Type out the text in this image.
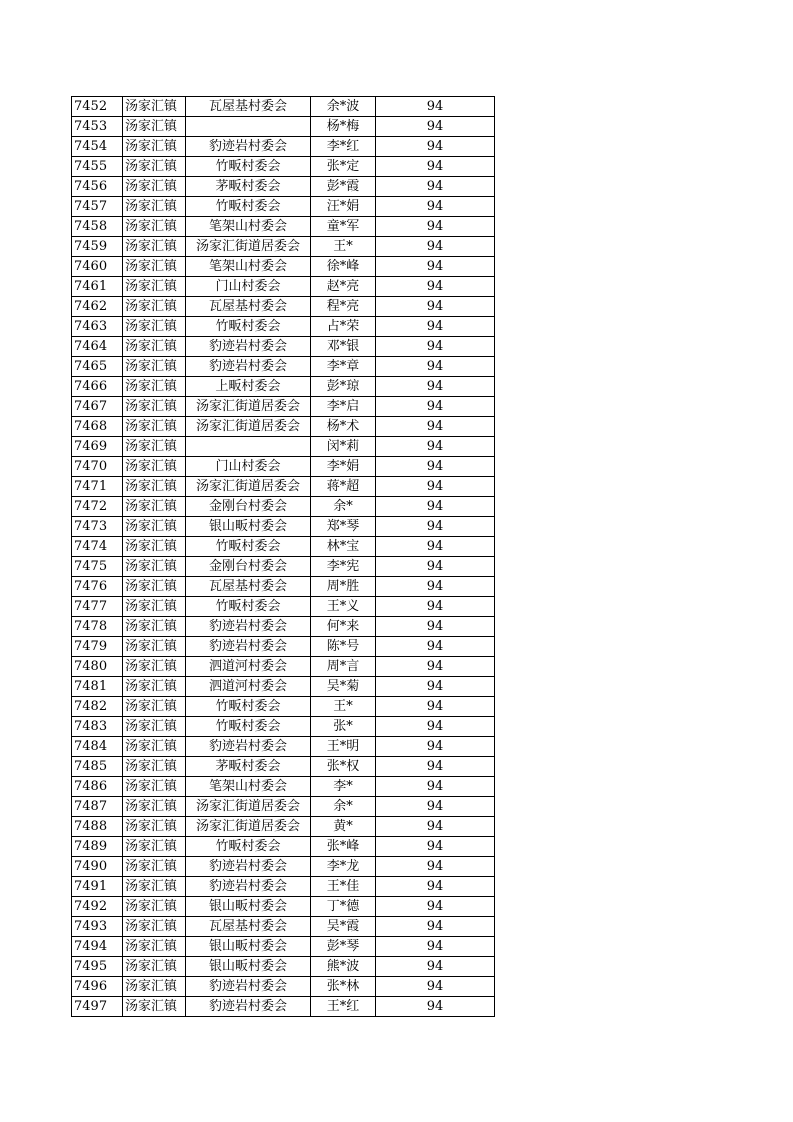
7452	汤家汇镇	瓦屋基村委会	余*波	94
7453	汤家汇镇		杨*梅	94
7454	汤家汇镇	豹迹岩村委会	李*红	94
7455	汤家汇镇	竹畈村委会	张*定	94
7456	汤家汇镇	茅畈村委会	彭*霞	94
7457	汤家汇镇	竹畈村委会	汪*娟	94
7458	汤家汇镇	笔架山村委会	童*军	94
7459	汤家汇镇	汤家汇街道居委会	王*	94
7460	汤家汇镇	笔架山村委会	徐*峰	94
7461	汤家汇镇	门山村委会	赵*亮	94
7462	汤家汇镇	瓦屋基村委会	程*亮	94
7463	汤家汇镇	竹畈村委会	占*荣	94
7464	汤家汇镇	豹迹岩村委会	邓*银	94
7465	汤家汇镇	豹迹岩村委会	李*章	94
7466	汤家汇镇	上畈村委会	彭*琼	94
7467	汤家汇镇	汤家汇街道居委会	李*启	94
7468	汤家汇镇	汤家汇街道居委会	杨*术	94
7469	汤家汇镇		闵*莉	94
7470	汤家汇镇	门山村委会	李*娟	94
7471	汤家汇镇	汤家汇街道居委会	蒋*超	94
7472	汤家汇镇	金刚台村委会	余*	94
7473	汤家汇镇	银山畈村委会	郑*琴	94
7474	汤家汇镇	竹畈村委会	林*宝	94
7475	汤家汇镇	金刚台村委会	李*宪	94
7476	汤家汇镇	瓦屋基村委会	周*胜	94
7477	汤家汇镇	竹畈村委会	王*义	94
7478	汤家汇镇	豹迹岩村委会	何*来	94
7479	汤家汇镇	豹迹岩村委会	陈*号	94
7480	汤家汇镇	泗道河村委会	周*言	94
7481	汤家汇镇	泗道河村委会	吴*菊	94
7482	汤家汇镇	竹畈村委会	王*	94
7483	汤家汇镇	竹畈村委会	张*	94
7484	汤家汇镇	豹迹岩村委会	王*明	94
7485	汤家汇镇	茅畈村委会	张*权	94
7486	汤家汇镇	笔架山村委会	李*	94
7487	汤家汇镇	汤家汇街道居委会	余*	94
7488	汤家汇镇	汤家汇街道居委会	黄*	94
7489	汤家汇镇	竹畈村委会	张*峰	94
7490	汤家汇镇	豹迹岩村委会	李*龙	94
7491	汤家汇镇	豹迹岩村委会	王*佳	94
7492	汤家汇镇	银山畈村委会	丁*德	94
7493	汤家汇镇	瓦屋基村委会	吴*霞	94
7494	汤家汇镇	银山畈村委会	彭*琴	94
7495	汤家汇镇	银山畈村委会	熊*波	94
7496	汤家汇镇	豹迹岩村委会	张*林	94
7497	汤家汇镇	豹迹岩村委会	王*红	94
